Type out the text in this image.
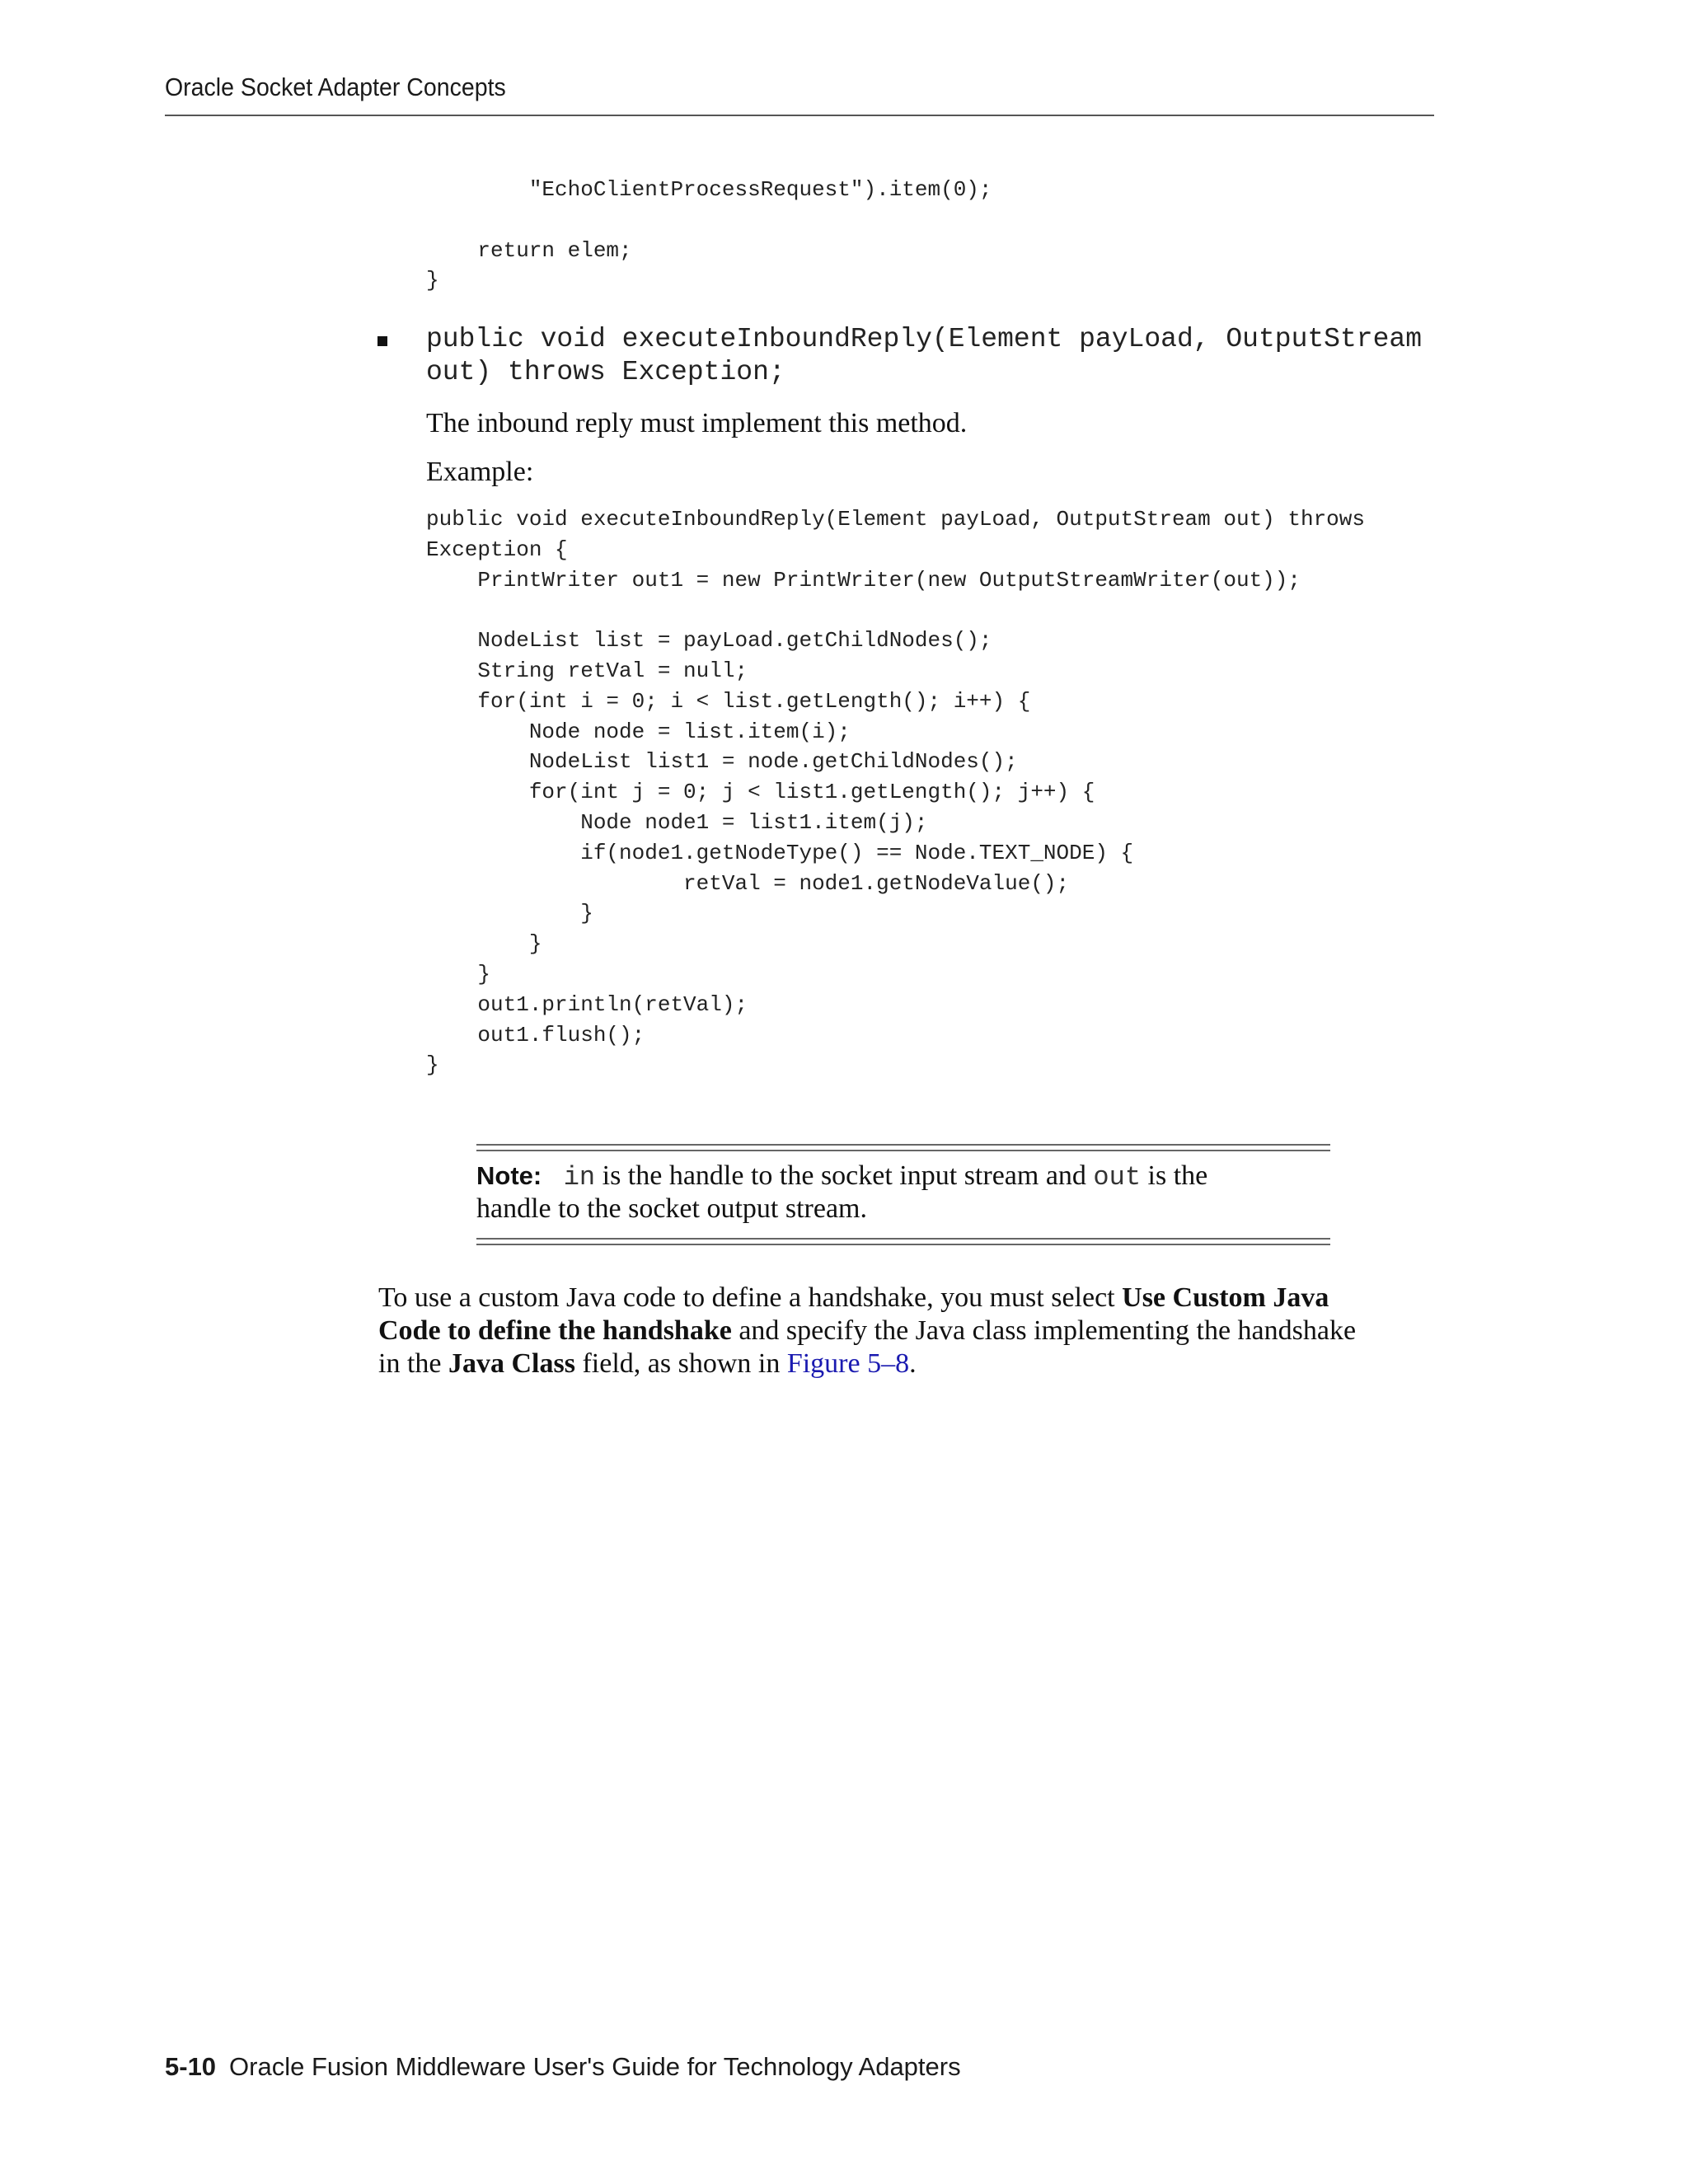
Oracle Socket Adapter Concepts
"EchoClientProcessRequest").item(0);

return elem;
}
public void executeInboundReply(Element payLoad, OutputStream
out) throws Exception;

The inbound reply must implement this method.

Example:

public void executeInboundReply(Element payLoad, OutputStream out) throws
Exception {
PrintWriter out1 = new PrintWriter(new OutputStreamWriter(out));

NodeList list = payLoad.getChildNodes();
String retVal = null;
for(int i = 0; i < list.getLength(); i++) {
Node node = list.item(i);
NodeList list1 = node.getChildNodes();
for(int j = 0; j < list1.getLength(); j++) {
Node node1 = list1.item(j);
if(node1.getNodeType() == Node.TEXT_NODE) {
retVal = node1.getNodeValue();
}
}
}
out1.println(retVal);
out1.flush();
}
Note: in is the handle to the socket input stream and out is the
handle to the socket output stream.
To use a custom Java code to define a handshake, you must select Use Custom Java
Code to define the handshake and specify the Java class implementing the handshake
in the Java Class field, as shown in Figure 5–8.
5-10 Oracle Fusion Middleware User's Guide for Technology Adapters
